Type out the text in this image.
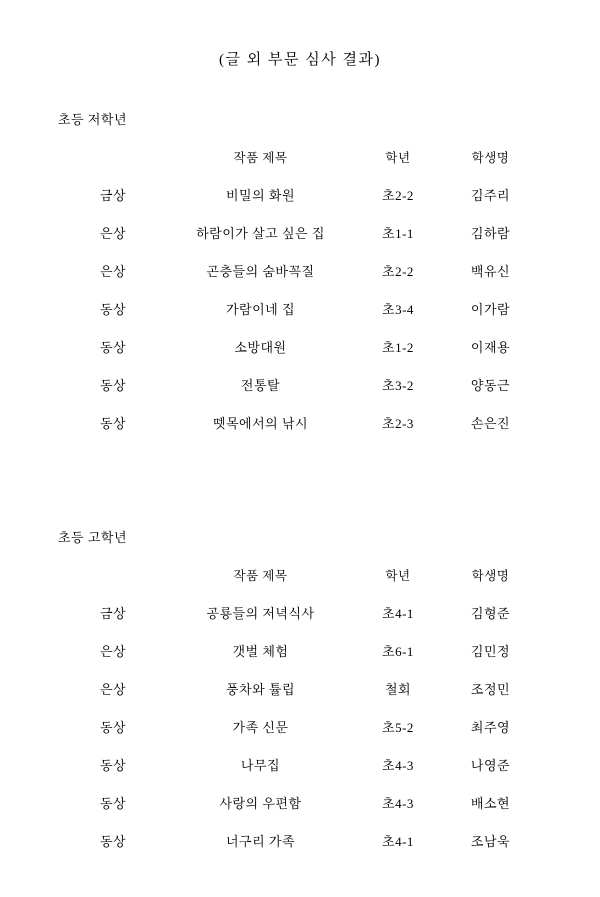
(글 외 부문 심사 결과)
초등 저학년
	작품 제목	학년	학생명
금상	비밀의 화원	초2-2	김주리
은상	하람이가 살고 싶은 집	초1-1	김하람
은상	곤충들의 숨바꼭질	초2-2	백유신
동상	가람이네 집	초3-4	이가람
동상	소방대원	초1-2	이재용
동상	전통탈	초3-2	양동근
동상	뗏목에서의 낚시	초2-3	손은진
초등 고학년
	작품 제목	학년	학생명
금상	공룡들의 저녁식사	초4-1	김형준
은상	갯벌 체험	초6-1	김민정
은상	풍차와 튤립	철회	조정민
동상	가족 신문	초5-2	최주영
동상	나무집	초4-3	나영준
동상	사랑의 우편함	초4-3	배소현
동상	너구리 가족	초4-1	조남욱
